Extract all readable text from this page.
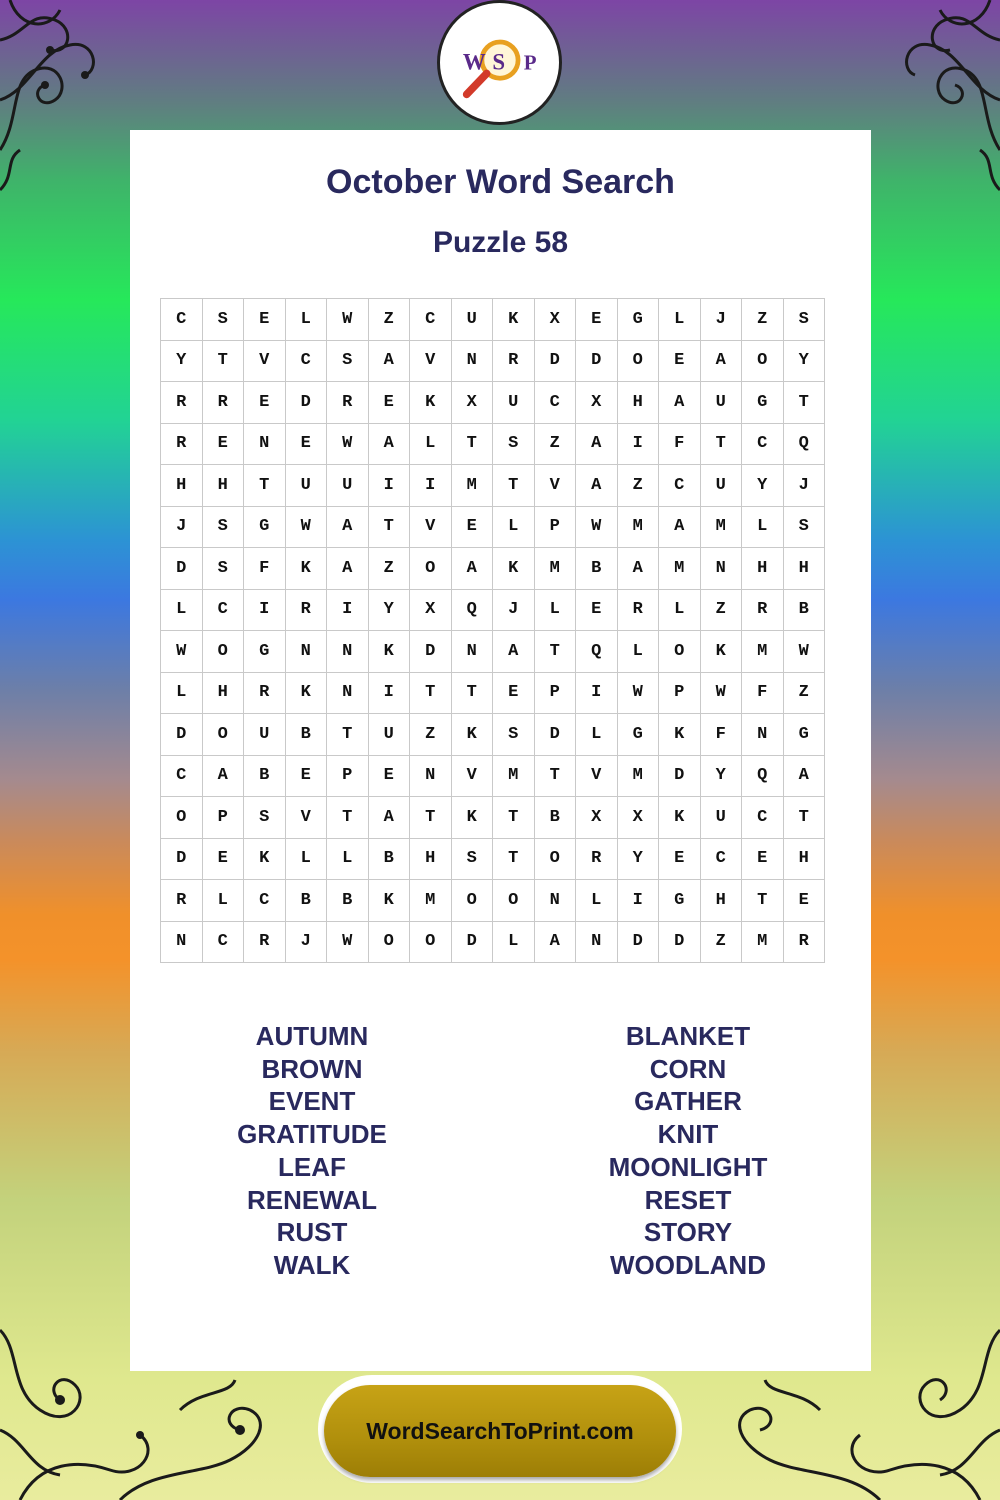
W S P
October Word Search
Puzzle 58
C	S	E	L	W	Z	C	U	K	X	E	G	L	J	Z	S
Y	T	V	C	S	A	V	N	R	D	D	O	E	A	O	Y
R	R	E	D	R	E	K	X	U	C	X	H	A	U	G	T
R	E	N	E	W	A	L	T	S	Z	A	I	F	T	C	Q
H	H	T	U	U	I	I	M	T	V	A	Z	C	U	Y	J
J	S	G	W	A	T	V	E	L	P	W	M	A	M	L	S
D	S	F	K	A	Z	O	A	K	M	B	A	M	N	H	H
L	C	I	R	I	Y	X	Q	J	L	E	R	L	Z	R	B
W	O	G	N	N	K	D	N	A	T	Q	L	O	K	M	W
L	H	R	K	N	I	T	T	E	P	I	W	P	W	F	Z
D	O	U	B	T	U	Z	K	S	D	L	G	K	F	N	G
C	A	B	E	P	E	N	V	M	T	V	M	D	Y	Q	A
O	P	S	V	T	A	T	K	T	B	X	X	K	U	C	T
D	E	K	L	L	B	H	S	T	O	R	Y	E	C	E	H
R	L	C	B	B	K	M	O	O	N	L	I	G	H	T	E
N	C	R	J	W	O	O	D	L	A	N	D	D	Z	M	R
AUTUMN
BROWN
EVENT
GRATITUDE
LEAF
RENEWAL
RUST
WALK
BLANKET
CORN
GATHER
KNIT
MOONLIGHT
RESET
STORY
WOODLAND
WordSearchToPrint.com
